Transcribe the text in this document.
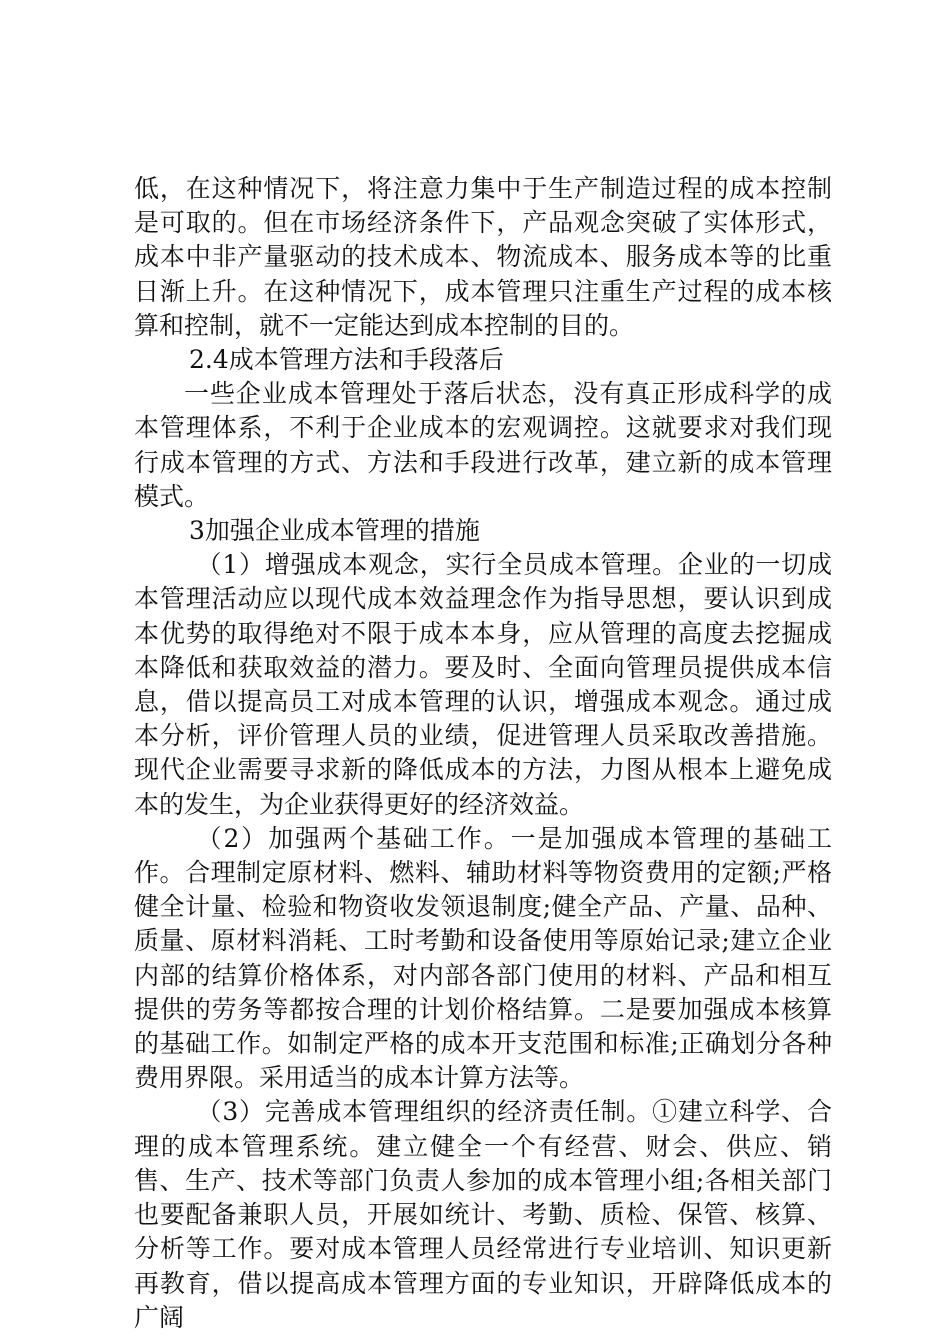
低，在这种情况下，将注意力集中于生产制造过程的成本控制是可取的。但在市场经济条件下，产品观念突破了实体形式，成本中非产量驱动的技术成本、物流成本、服务成本等的比重日渐上升。在这种情况下，成本管理只注重生产过程的成本核算和控制，就不一定能达到成本控制的目的。

2.4成本管理方法和手段落后

一些企业成本管理处于落后状态，没有真正形成科学的成本管理体系，不利于企业成本的宏观调控。这就要求对我们现行成本管理的方式、方法和手段进行改革，建立新的成本管理模式。

3加强企业成本管理的措施

（1）增强成本观念，实行全员成本管理。企业的一切成本管理活动应以现代成本效益理念作为指导思想，要认识到成本优势的取得绝对不限于成本本身，应从管理的高度去挖掘成本降低和获取效益的潜力。要及时、全面向管理员提供成本信息，借以提高员工对成本管理的认识，增强成本观念。通过成本分析，评价管理人员的业绩，促进管理人员采取改善措施。现代企业需要寻求新的降低成本的方法，力图从根本上避免成本的发生，为企业获得更好的经济效益。

（2）加强两个基础工作。一是加强成本管理的基础工作。合理制定原材料、燃料、辅助材料等物资费用的定额;严格健全计量、检验和物资收发领退制度;健全产品、产量、品种、质量、原材料消耗、工时考勤和设备使用等原始记录;建立企业内部的结算价格体系，对内部各部门使用的材料、产品和相互提供的劳务等都按合理的计划价格结算。二是要加强成本核算的基础工作。如制定严格的成本开支范围和标准;正确划分各种费用界限。采用适当的成本计算方法等。

（3）完善成本管理组织的经济责任制。①建立科学、合理的成本管理系统。建立健全一个有经营、财会、供应、销售、生产、技术等部门负责人参加的成本管理小组;各相关部门也要配备兼职人员，开展如统计、考勤、质检、保管、核算、分析等工作。要对成本管理人员经常进行专业培训、知识更新再教育，借以提高成本管理方面的专业知识，开辟降低成本的广阔
